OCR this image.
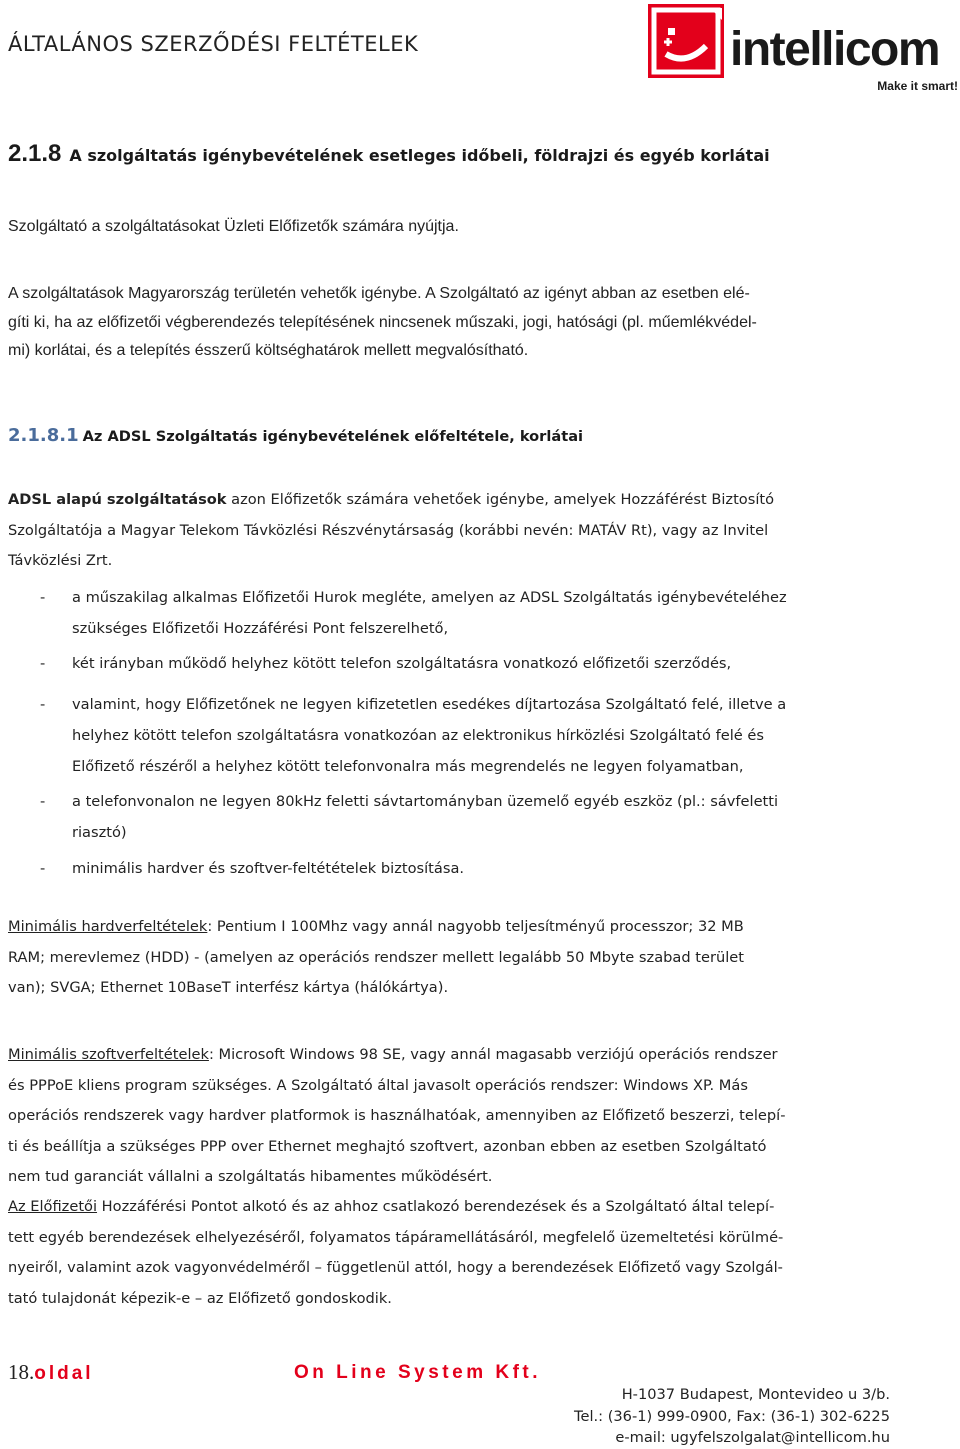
ÁLTALÁNOS SZERZŐDÉSI FELTÉTELEK	intellicom
Make it smart!
2.1.8 A szolgáltatás igénybevételének esetleges időbeli, földrajzi és egyéb korlátai
Szolgáltató a szolgáltatásokat Üzleti Előfizetők számára nyújtja.
A szolgáltatások Magyarország területén vehetők igénybe. A Szolgáltató az igényt abban az esetben elé-
gíti ki, ha az előfizetői végberendezés telepítésének nincsenek műszaki, jogi, hatósági (pl. műemlékvédel-
mi) korlátai, és a telepítés ésszerű költséghatárok mellett megvalósítható.
2.1.8.1 Az ADSL Szolgáltatás igénybevételének előfeltétele, korlátai
ADSL alapú szolgáltatások azon Előfizetők számára vehetőek igénybe, amelyek Hozzáférést Biztosító
Szolgáltatója a Magyar Telekom Távközlési Részvénytársaság (korábbi nevén: MATÁV Rt), vagy az Invitel
Távközlési Zrt.
- a műszakilag alkalmas Előfizetői Hurok megléte, amelyen az ADSL Szolgáltatás igénybevételéhez
szükséges Előfizetői Hozzáférési Pont felszerelhető,
- két irányban működő helyhez kötött telefon szolgáltatásra vonatkozó előfizetői szerződés,
- valamint, hogy Előfizetőnek ne legyen kifizetetlen esedékes díjtartozása Szolgáltató felé, illetve a
helyhez kötött telefon szolgáltatásra vonatkozóan az elektronikus hírközlési Szolgáltató felé és
Előfizető részéről a helyhez kötött telefonvonalra más megrendelés ne legyen folyamatban,
- a telefonvonalon ne legyen 80kHz feletti sávtartományban üzemelő egyéb eszköz (pl.: sávfeletti
riasztó)
- minimális hardver és szoftver-feltétételek biztosítása.
Minimális hardverfeltételek: Pentium I 100Mhz vagy annál nagyobb teljesítményű processzor; 32 MB
RAM; merevlemez (HDD) - (amelyen az operációs rendszer mellett legalább 50 Mbyte szabad terület
van); SVGA; Ethernet 10BaseT interfész kártya (hálókártya).
Minimális szoftverfeltételek: Microsoft Windows 98 SE, vagy annál magasabb verziójú operációs rendszer
és PPPoE kliens program szükséges. A Szolgáltató által javasolt operációs rendszer: Windows XP. Más
operációs rendszerek vagy hardver platformok is használhatóak, amennyiben az Előfizető beszerzi, telepí-
ti és beállítja a szükséges PPP over Ethernet meghajtó szoftvert, azonban ebben az esetben Szolgáltató
nem tud garanciát vállalni a szolgáltatás hibamentes működésért.
Az Előfizetői Hozzáférési Pontot alkotó és az ahhoz csatlakozó berendezések és a Szolgáltató által telepí-
tett egyéb berendezések elhelyezéséről, folyamatos tápáramellátásáról, megfelelő üzemeltetési körülmé-
nyeiről, valamint azok vagyonvédelméről – függetlenül attól, hogy a berendezések Előfizető vagy Szolgál-
tató tulajdonát képezik-e – az Előfizető gondoskodik.
18.oldal	On Line System Kft.
H-1037 Budapest, Montevideo u 3/b.
Tel.: (36-1) 999-0900, Fax: (36-1) 302-6225
e-mail: ugyfelszolgalat@intellicom.hu
